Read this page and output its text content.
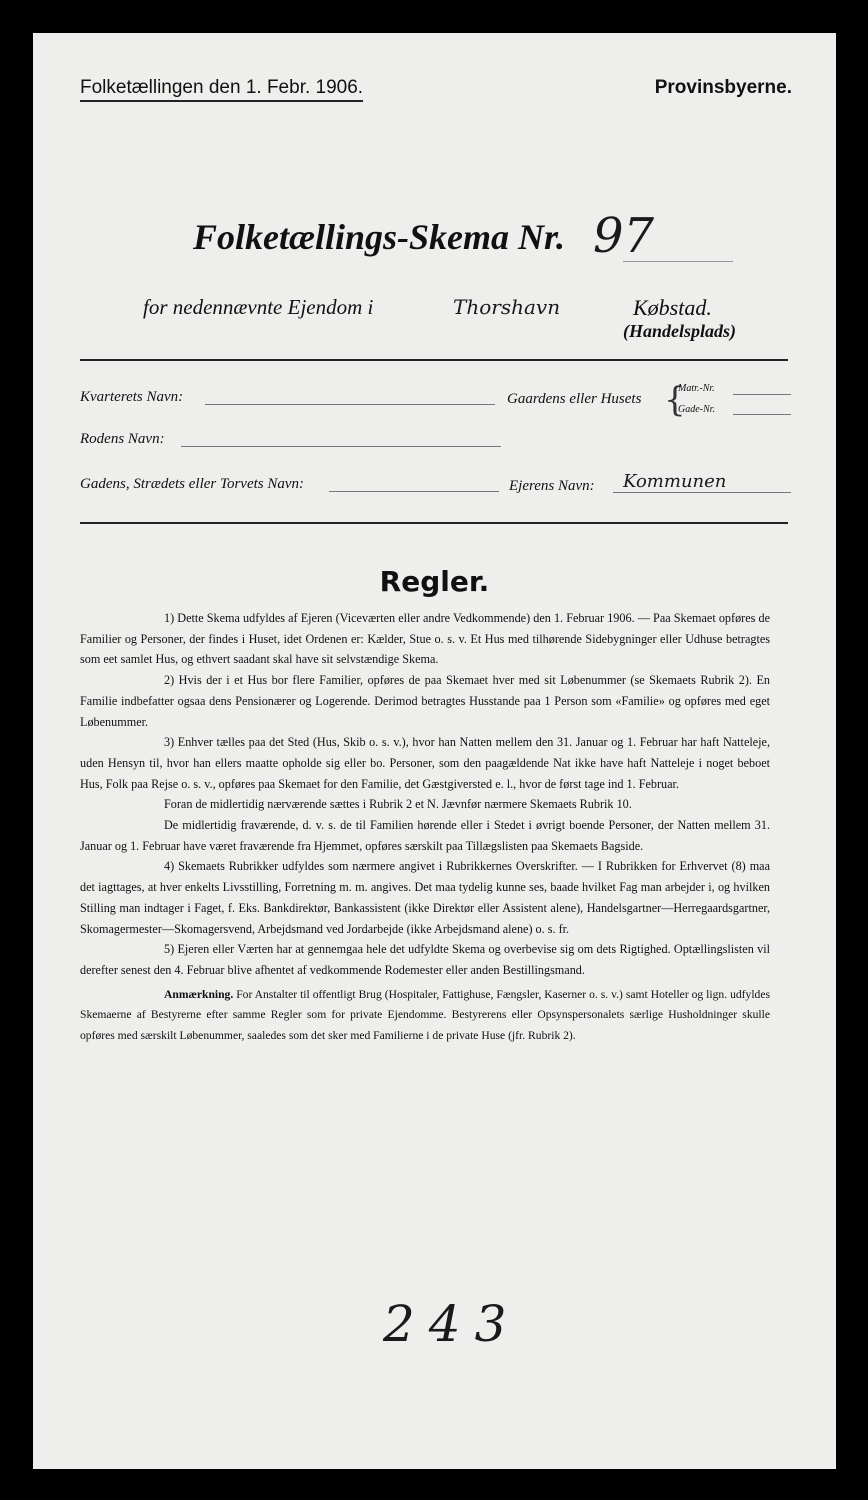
Folketællingen den 1. Febr. 1906.	Provinsbyerne.
Folketællings-Skema Nr. 97
for nedennævnte Ejendom i	Thorshavn	Købstad.
(Handelsplads)
Kvarterets Navn:	Gaardens eller Husets {
Matr.-Nr.
Gade-Nr.
Rodens Navn:
Gadens, Strædets eller Torvets Navn:	Ejerens Navn: Kommunen
Regler.

1) Dette Skema udfyldes af Ejeren (Viceværten eller andre Vedkommende) den 1. Februar 1906. — Paa Skemaet opføres de Familier og Personer, der findes i Huset, idet Ordenen er: Kælder, Stue o. s. v. Et Hus med tilhørende Sidebygninger eller Udhuse betragtes som eet samlet Hus, og ethvert saadant skal have sit selvstændige Skema.

2) Hvis der i et Hus bor flere Familier, opføres de paa Skemaet hver med sit Løbenummer (se Skemaets Rubrik 2). En Familie indbefatter ogsaa dens Pensionærer og Logerende. Derimod betragtes Husstande paa 1 Person som «Familie» og opføres med eget Løbenummer.

3) Enhver tælles paa det Sted (Hus, Skib o. s. v.), hvor han Natten mellem den 31. Januar og 1. Februar har haft Natteleje, uden Hensyn til, hvor han ellers maatte opholde sig eller bo. Personer, som den paagældende Nat ikke have haft Natteleje i noget beboet Hus, Folk paa Rejse o. s. v., opføres paa Skemaet for den Familie, det Gæstgiversted e. l., hvor de først tage ind 1. Februar.

Foran de midlertidig nærværende sættes i Rubrik 2 et N. Jævnfør nærmere Skemaets Rubrik 10.

De midlertidig fraværende, d. v. s. de til Familien hørende eller i Stedet i øvrigt boende Personer, der Natten mellem 31. Januar og 1. Februar have været fraværende fra Hjemmet, opføres særskilt paa Tillægslisten paa Skemaets Bagside.

4) Skemaets Rubrikker udfyldes som nærmere angivet i Rubrikkernes Overskrifter. — I Rubrikken for Erhvervet (8) maa det iagttages, at hver enkelts Livsstilling, Forretning m. m. angives. Det maa tydelig kunne ses, baade hvilket Fag man arbejder i, og hvilken Stilling man indtager i Faget, f. Eks. Bankdirektør, Bankassistent (ikke Direktør eller Assistent alene), Handelsgartner—Herregaardsgartner, Skomagermester—Skomagersvend, Arbejdsmand ved Jordarbejde (ikke Arbejdsmand alene) o. s. fr.

5) Ejeren eller Værten har at gennemgaa hele det udfyldte Skema og overbevise sig om dets Rigtighed. Optællingslisten vil derefter senest den 4. Februar blive afhentet af vedkommende Rodemester eller anden Bestillingsmand.

Anmærkning. For Anstalter til offentligt Brug (Hospitaler, Fattighuse, Fængsler, Kaserner o. s. v.) samt Hoteller og lign. udfyldes Skemaerne af Bestyrerne efter samme Regler som for private Ejendomme. Bestyrerens eller Opsynspersonalets særlige Husholdninger skulle opføres med særskilt Løbenummer, saaledes som det sker med Familierne i de private Huse (jfr. Rubrik 2).

243
